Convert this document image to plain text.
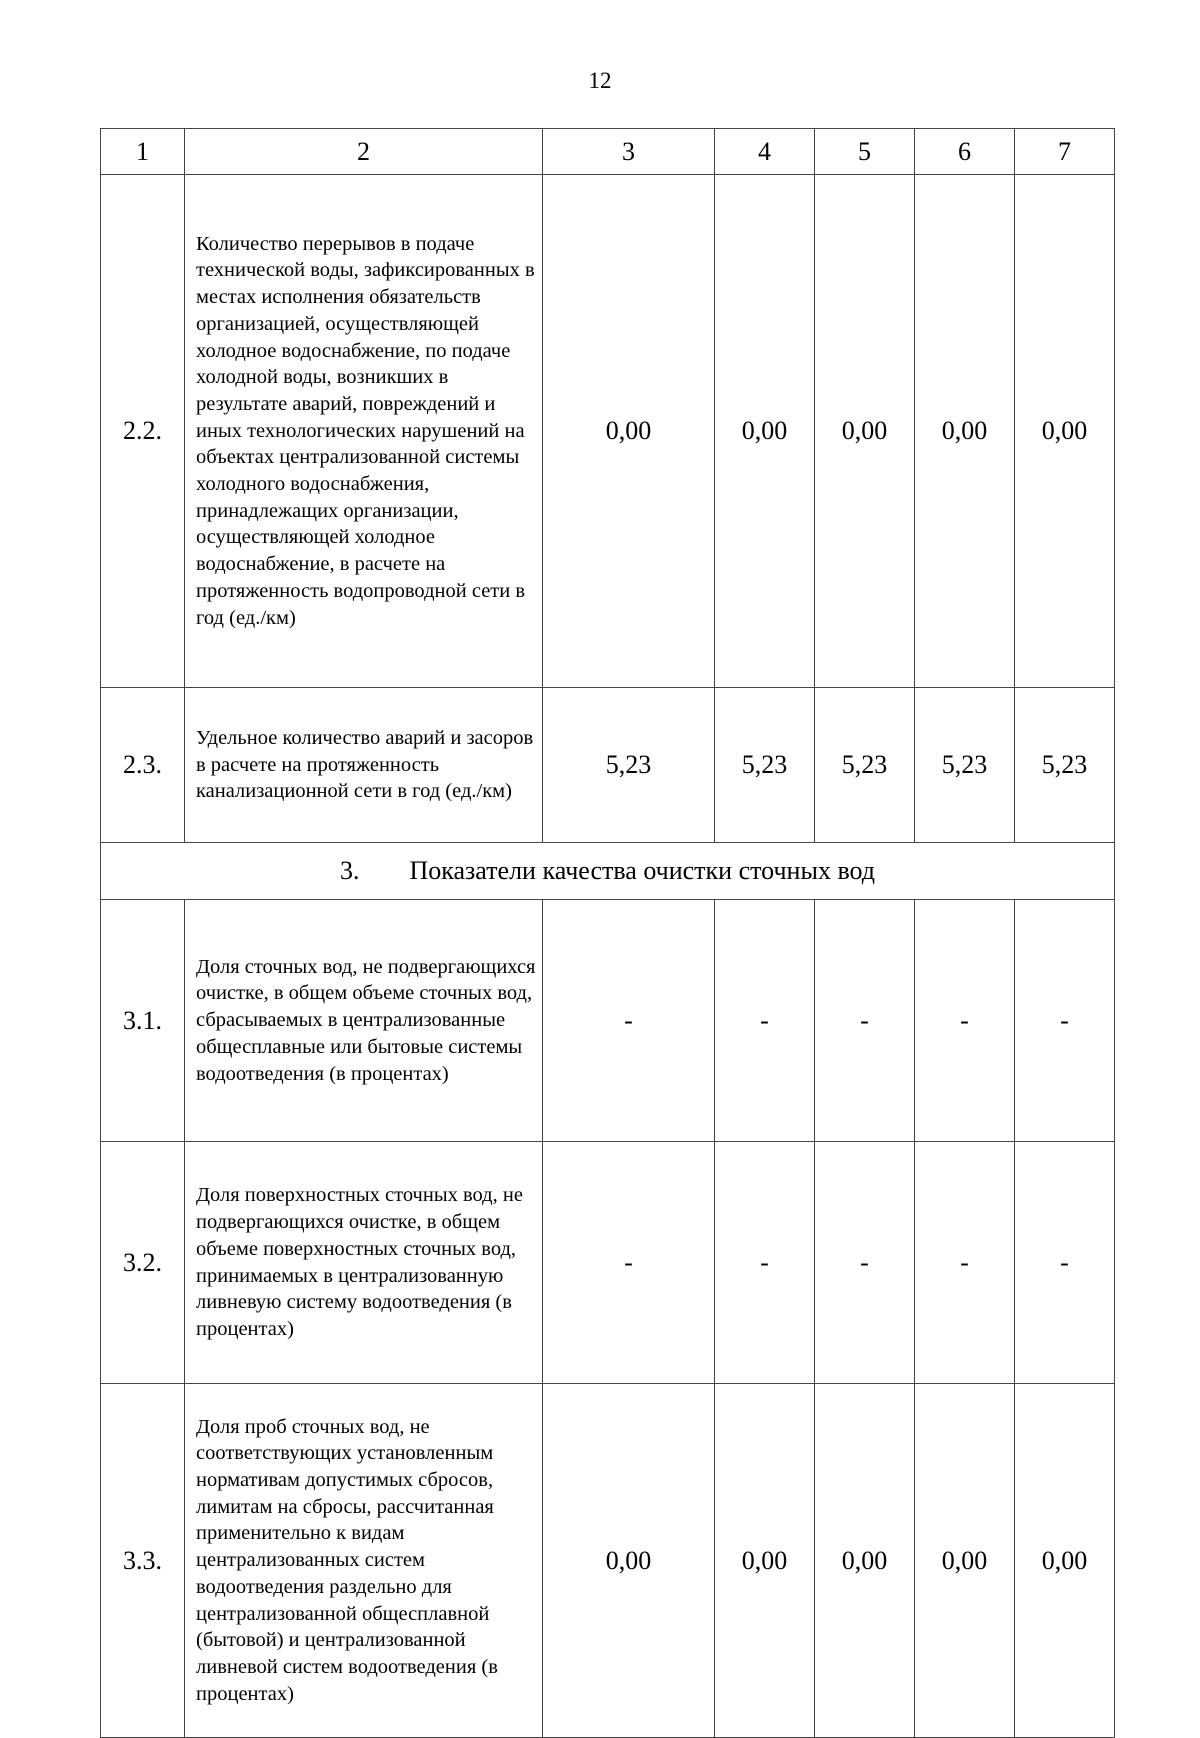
12
1	2	3	4	5	6	7
2.2.	Количество перерывов в подаче технической воды, зафиксированных в местах исполнения обязательств организацией, осуществляющей холодное водоснабжение, по подаче холодной воды, возникших в результате аварий, повреждений и иных технологических нарушений на объектах централизованной системы холодного водоснабжения, принадлежащих организации, осуществляющей холодное водоснабжение, в расчете на протяженность водопроводной сети в год (ед./км)	0,00	0,00	0,00	0,00	0,00
2.3.	Удельное количество аварий и засоров в расчете на протяженность канализационной сети в год (ед./км)	5,23	5,23	5,23	5,23	5,23
3. Показатели качества очистки сточных вод						
3.1.	Доля сточных вод, не подвергающихся очистке, в общем объеме сточных вод, сбрасываемых в централизованные общесплавные или бытовые системы водоотведения (в процентах)	-	-	-	-	-
3.2.	Доля поверхностных сточных вод, не подвергающихся очистке, в общем объеме поверхностных сточных вод, принимаемых в централизованную ливневую систему водоотведения (в процентах)	-	-	-	-	-
3.3.	Доля проб сточных вод, не соответствующих установленным нормативам допустимых сбросов, лимитам на сбросы, рассчитанная применительно к видам централизованных систем водоотведения раздельно для централизованной общесплавной (бытовой) и централизованной ливневой систем водоотведения (в процентах)	0,00	0,00	0,00	0,00	0,00
